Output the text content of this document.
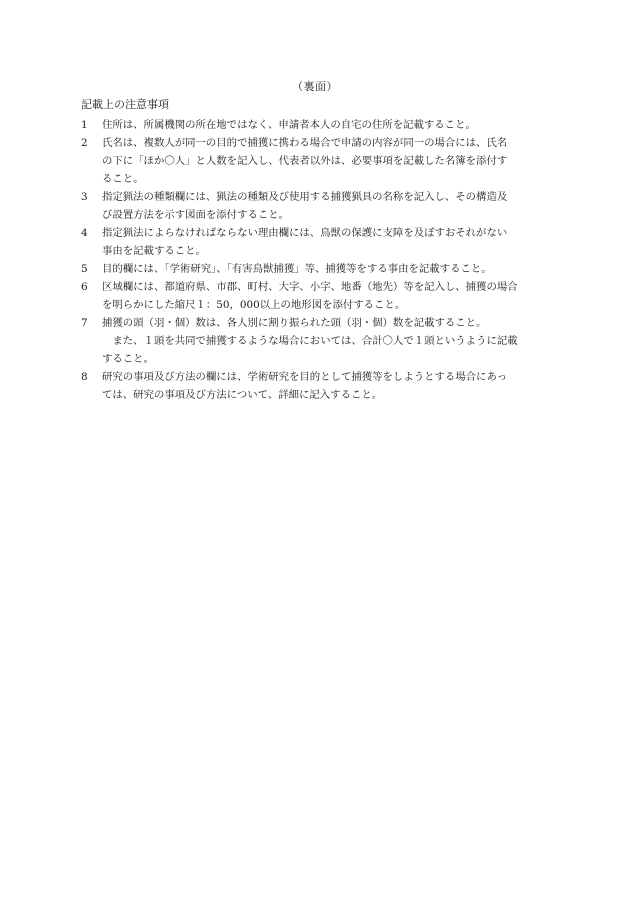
（裏面）
記載上の注意事項
1	住所は、所属機関の所在地ではなく、申請者本人の自宅の住所を記載すること。
2	氏名は、複数人が同一の目的で捕獲に携わる場合で申請の内容が同一の場合には、氏名
の下に「ほか〇人」と人数を記入し、代表者以外は、必要事項を記載した名簿を添付す
ること。
3	指定猟法の種類欄には、猟法の種類及び使用する捕獲猟具の名称を記入し、その構造及
び設置方法を示す図面を添付すること。
4	指定猟法によらなければならない理由欄には、鳥獣の保護に支障を及ぼすおそれがない
事由を記載すること。
5	目的欄には、「学術研究」、「有害鳥獣捕獲」等、捕獲等をする事由を記載すること。
6	区域欄には、都道府県、市郡、町村、大字、小字、地番（地先）等を記入し、捕獲の場合
を明らかにした縮尺１：50，000以上の地形図を添付すること。
7	捕獲の頭（羽・個）数は、各人別に割り振られた頭（羽・個）数を記載すること。
また、１頭を共同で捕獲するような場合においては、合計〇人で１頭というように記載
すること。
8	研究の事項及び方法の欄には、学術研究を目的として捕獲等をしようとする場合にあっ
ては、研究の事項及び方法について、詳細に記入すること。
